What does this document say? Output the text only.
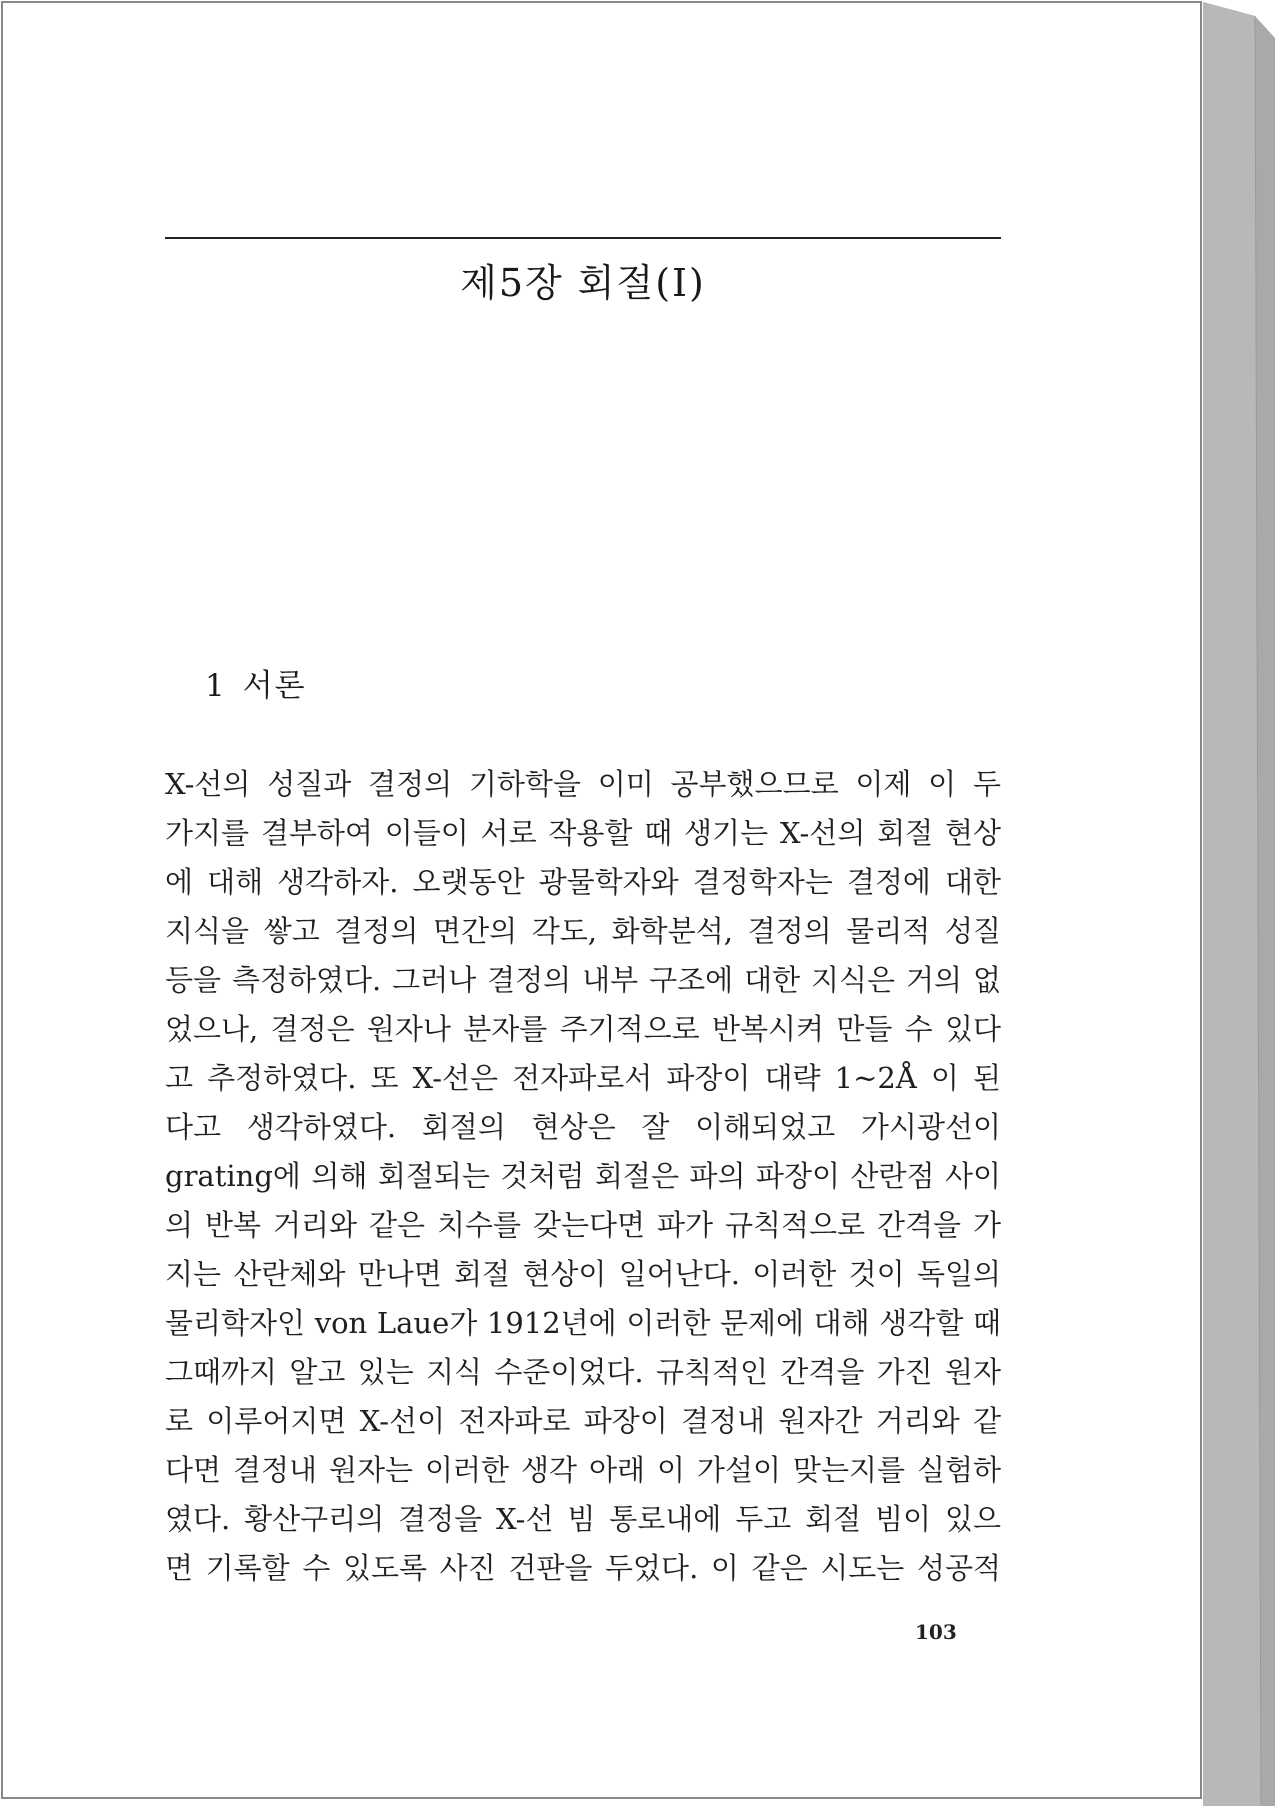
제5장 회절(Ⅰ)
1 서론
X-선의 성질과 결정의 기하학을 이미 공부했으므로 이제 이 두
가지를 결부하여 이들이 서로 작용할 때 생기는 X-선의 회절 현상
에 대해 생각하자. 오랫동안 광물학자와 결정학자는 결정에 대한
지식을 쌓고 결정의 면간의 각도, 화학분석, 결정의 물리적 성질
등을 측정하였다. 그러나 결정의 내부 구조에 대한 지식은 거의 없
었으나, 결정은 원자나 분자를 주기적으로 반복시켜 만들 수 있다
고 추정하였다. 또 X-선은 전자파로서 파장이 대략 1~2Å 이 된
다고 생각하였다. 회절의 현상은 잘 이해되었고 가시광선이
grating에 의해 회절되는 것처럼 회절은 파의 파장이 산란점 사이
의 반복 거리와 같은 치수를 갖는다면 파가 규칙적으로 간격을 가
지는 산란체와 만나면 회절 현상이 일어난다. 이러한 것이 독일의
물리학자인 von Laue가 1912년에 이러한 문제에 대해 생각할 때
그때까지 알고 있는 지식 수준이었다. 규칙적인 간격을 가진 원자
로 이루어지면 X-선이 전자파로 파장이 결정내 원자간 거리와 같
다면 결정내 원자는 이러한 생각 아래 이 가설이 맞는지를 실험하
였다. 황산구리의 결정을 X-선 빔 통로내에 두고 회절 빔이 있으
면 기록할 수 있도록 사진 건판을 두었다. 이 같은 시도는 성공적
103
